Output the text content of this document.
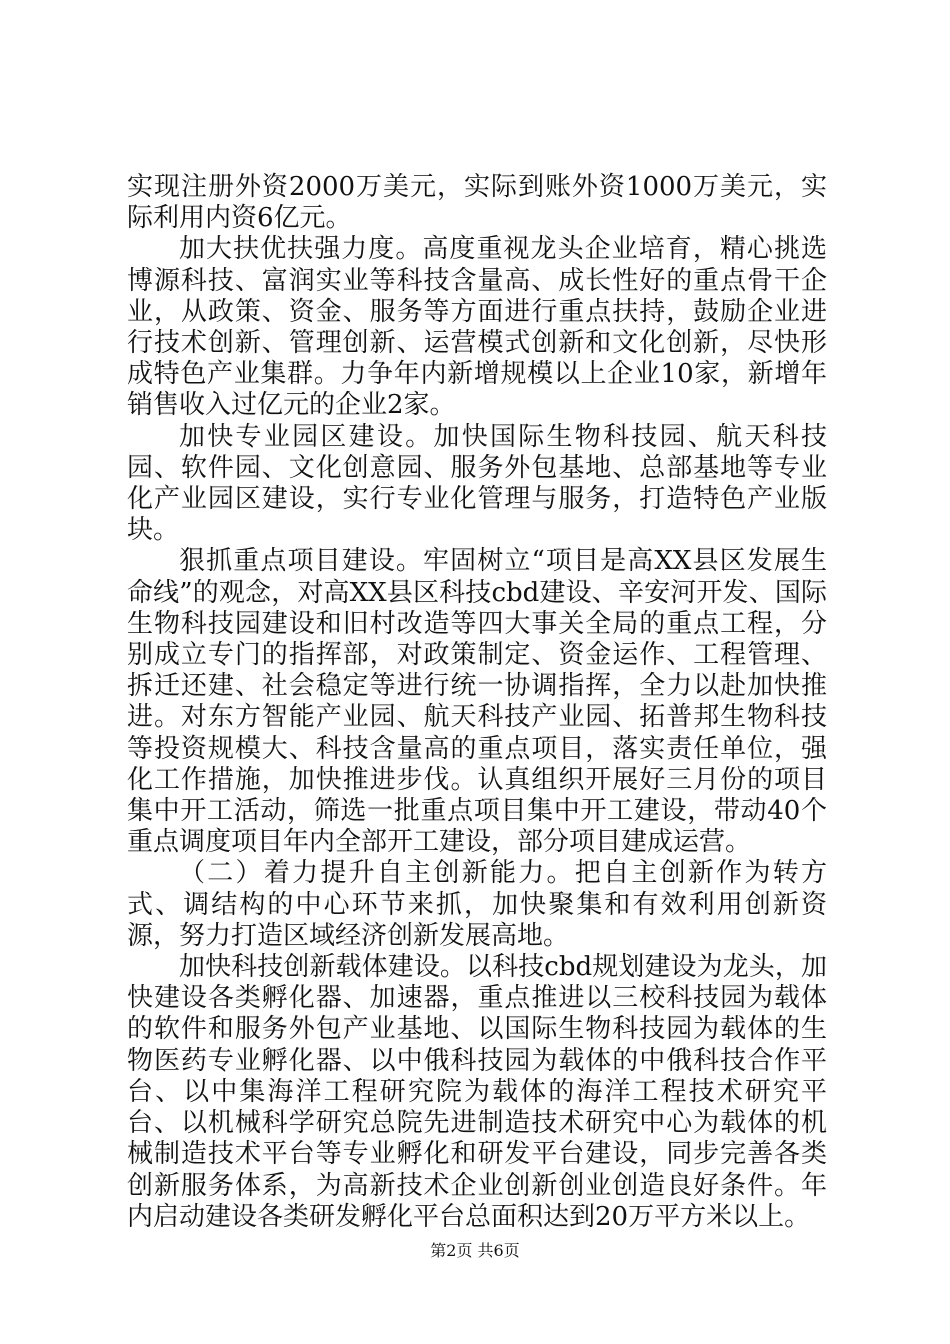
实现注册外资2000万美元，实际到账外资1000万美元，实际利用内资6亿元。

加大扶优扶强力度。高度重视龙头企业培育，精心挑选博源科技、富润实业等科技含量高、成长性好的重点骨干企业，从政策、资金、服务等方面进行重点扶持，鼓励企业进行技术创新、管理创新、运营模式创新和文化创新，尽快形成特色产业集群。力争年内新增规模以上企业10家，新增年销售收入过亿元的企业2家。

加快专业园区建设。加快国际生物科技园、航天科技园、软件园、文化创意园、服务外包基地、总部基地等专业化产业园区建设，实行专业化管理与服务，打造特色产业版块。

狠抓重点项目建设。牢固树立“项目是高XX县区发展生命线”的观念，对高XX县区科技cbd建设、辛安河开发、国际生物科技园建设和旧村改造等四大事关全局的重点工程，分别成立专门的指挥部，对政策制定、资金运作、工程管理、拆迁还建、社会稳定等进行统一协调指挥，全力以赴加快推进。对东方智能产业园、航天科技产业园、拓普邦生物科技等投资规模大、科技含量高的重点项目，落实责任单位，强化工作措施，加快推进步伐。认真组织开展好三月份的项目集中开工活动，筛选一批重点项目集中开工建设，带动40个重点调度项目年内全部开工建设，部分项目建成运营。

（二）着力提升自主创新能力。把自主创新作为转方式、调结构的中心环节来抓，加快聚集和有效利用创新资源，努力打造区域经济创新发展高地。

加快科技创新载体建设。以科技cbd规划建设为龙头，加快建设各类孵化器、加速器，重点推进以三校科技园为载体的软件和服务外包产业基地、以国际生物科技园为载体的生物医药专业孵化器、以中俄科技园为载体的中俄科技合作平台、以中集海洋工程研究院为载体的海洋工程技术研究平台、以机械科学研究总院先进制造技术研究中心为载体的机械制造技术平台等专业孵化和研发平台建设，同步完善各类创新服务体系，为高新技术企业创新创业创造良好条件。年内启动建设各类研发孵化平台总面积达到20万平方米以上。

第2页 共6页
